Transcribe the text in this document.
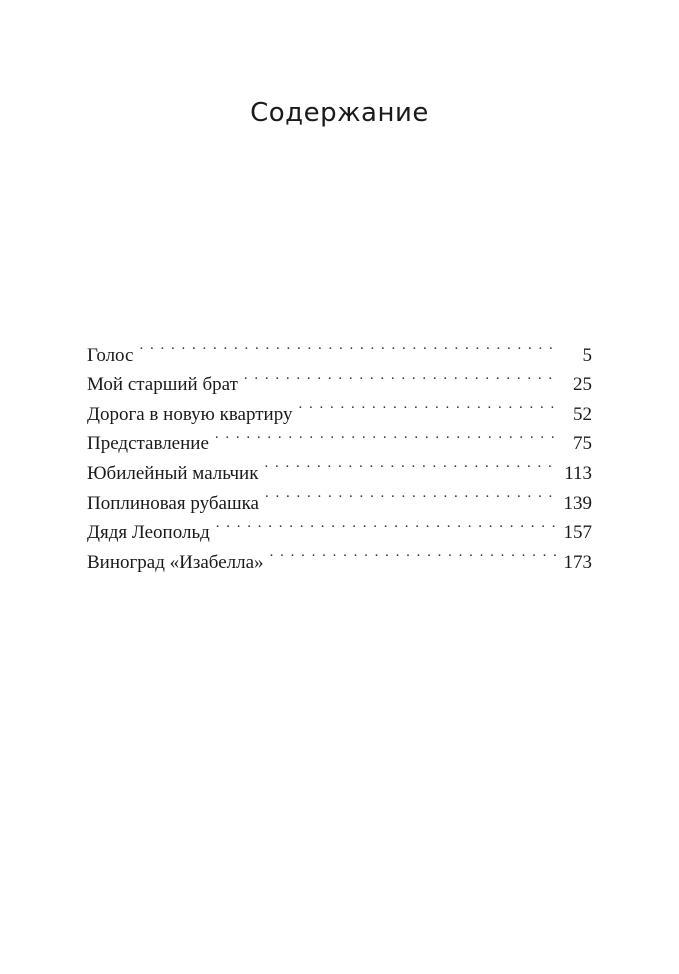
Содержание
Голос . . .	5
Мой старший брат . . .	25
Дорога в новую квартиру . . .	52
Представление . . .	75
Юбилейный мальчик . . .	113
Поплиновая рубашка . . .	139
Дядя Леопольд . . .	157
Виноград «Изабелла» . . .	173
